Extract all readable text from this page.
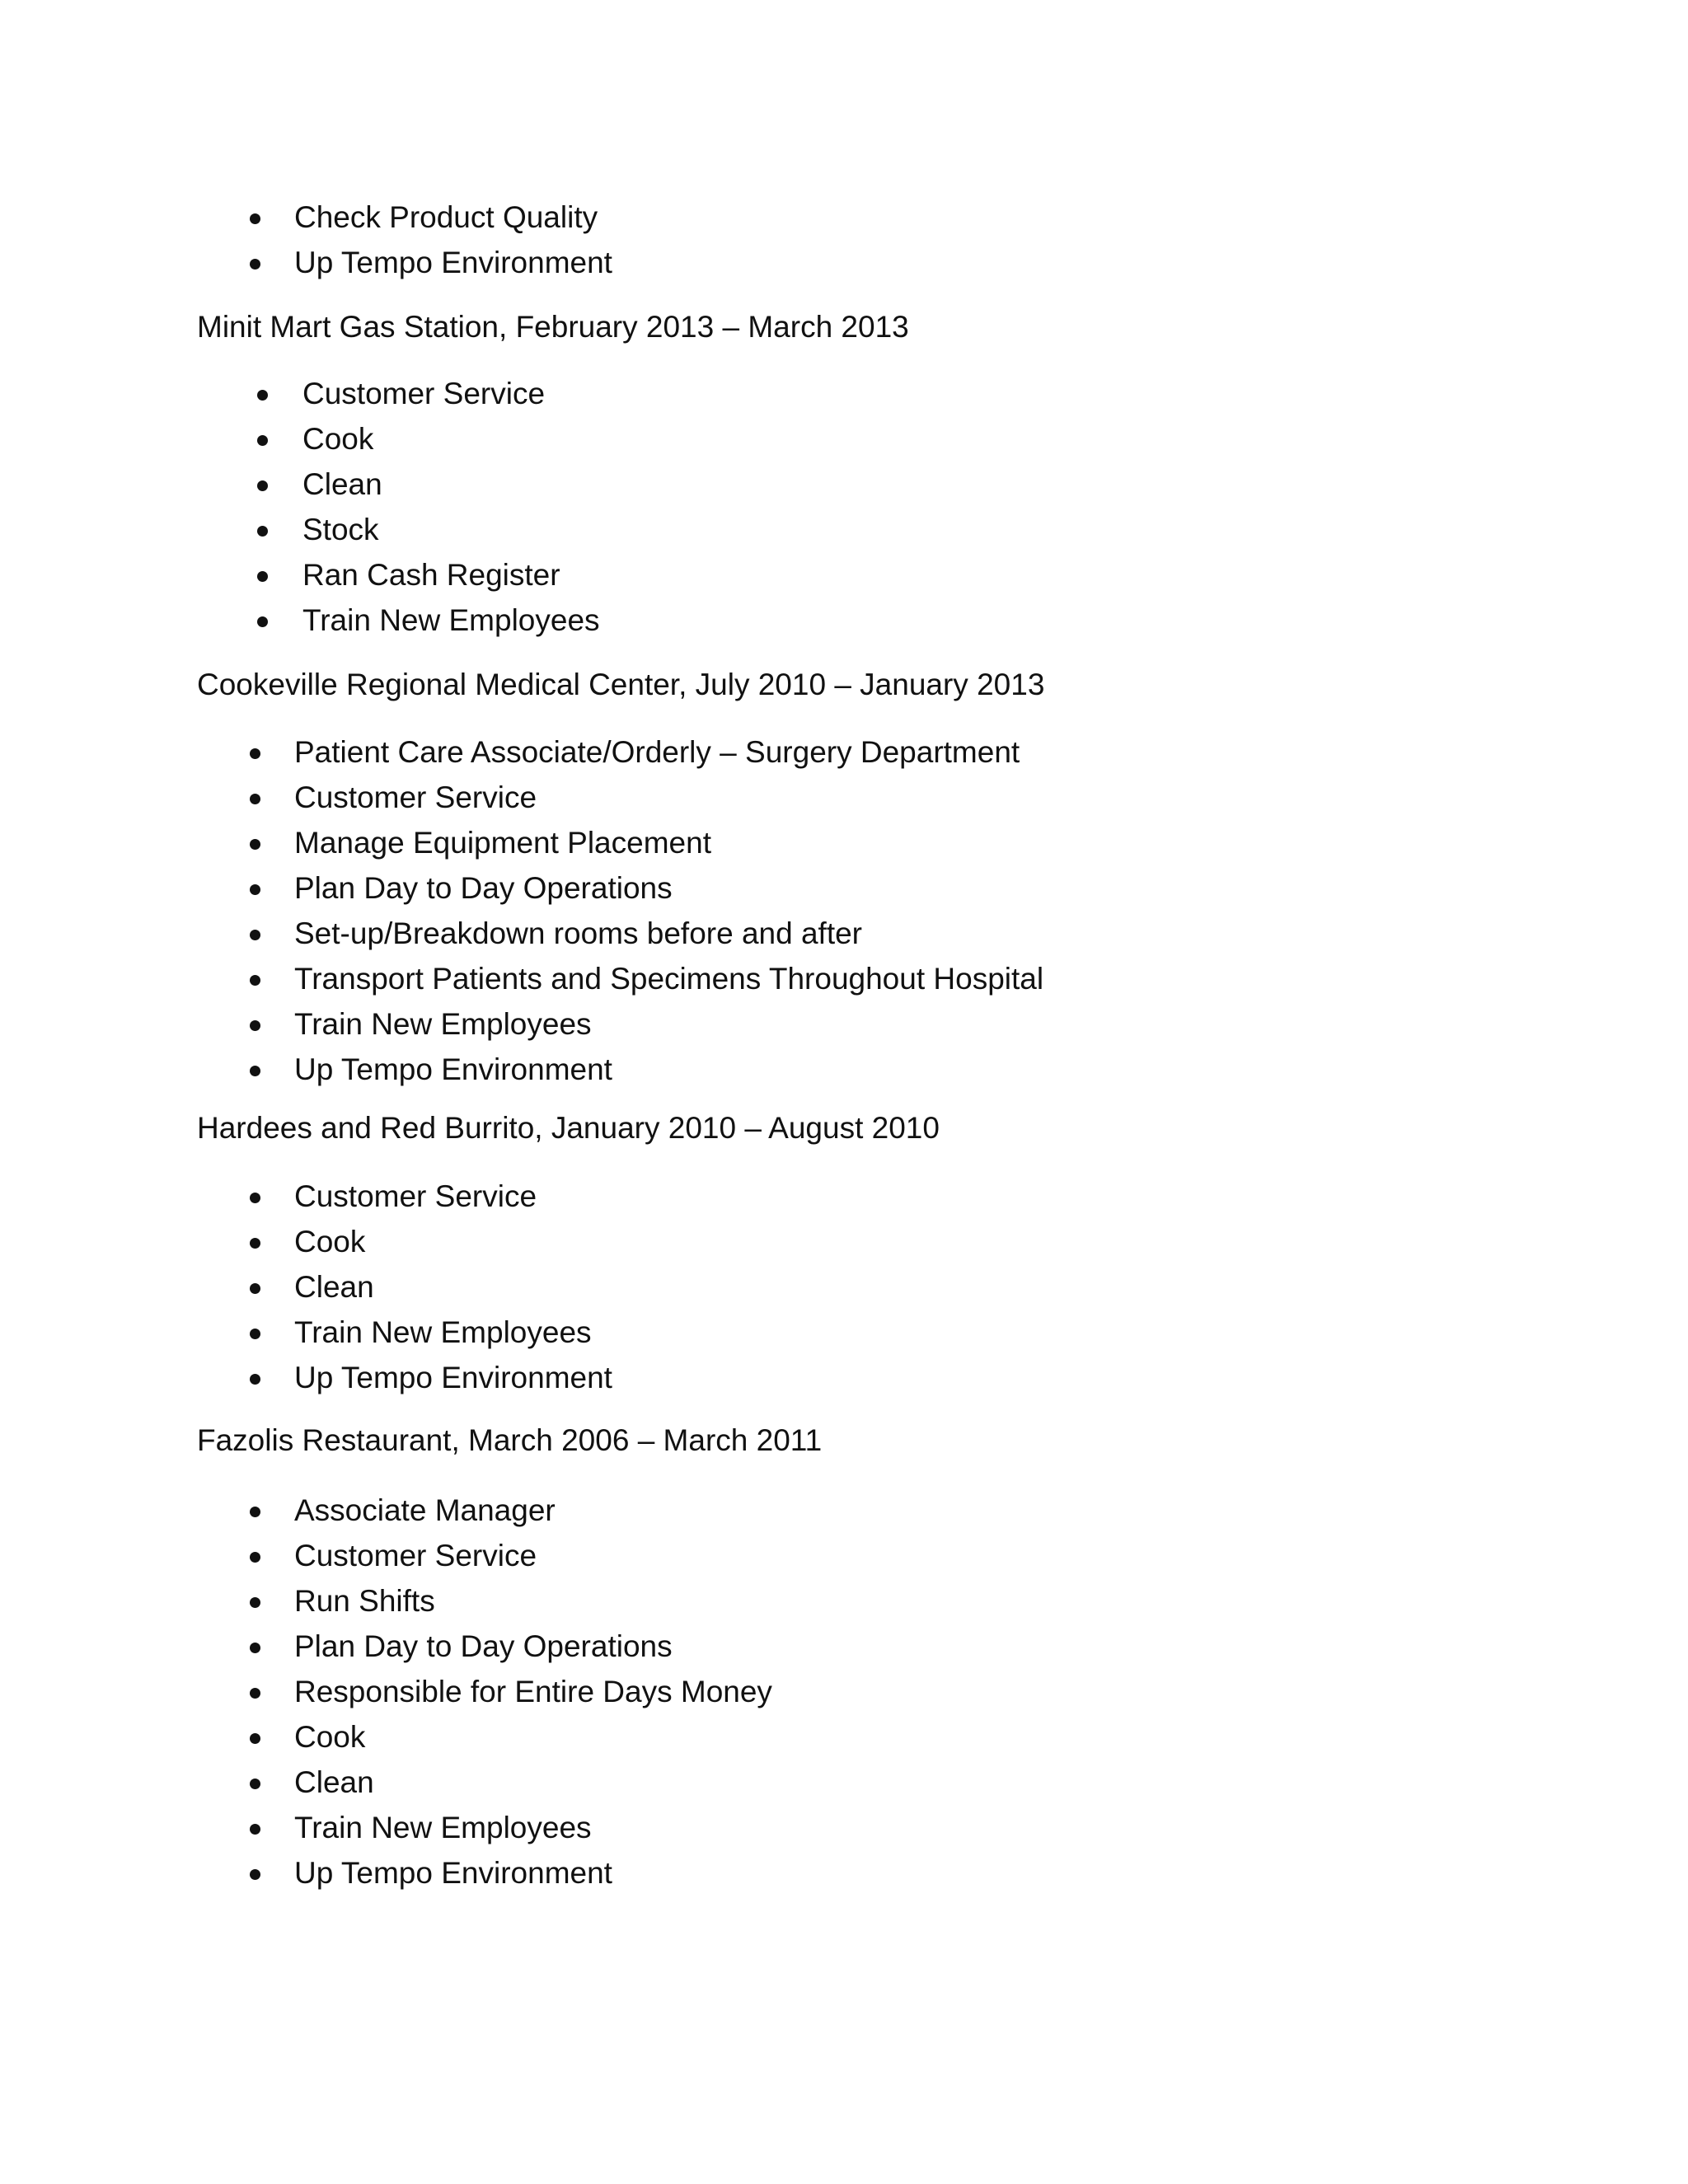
Check Product Quality
Up Tempo Environment
Minit Mart Gas Station, February 2013 – March 2013
Customer Service
Cook
Clean
Stock
Ran Cash Register
Train New Employees
Cookeville Regional Medical Center, July 2010 – January 2013
Patient Care Associate/Orderly – Surgery Department
Customer Service
Manage Equipment Placement
Plan Day to Day Operations
Set-up/Breakdown rooms before and after
Transport Patients and Specimens Throughout Hospital
Train New Employees
Up Tempo Environment
Hardees and Red Burrito, January 2010 – August 2010
Customer Service
Cook
Clean
Train New Employees
Up Tempo Environment
Fazolis Restaurant, March 2006 – March 2011
Associate Manager
Customer Service
Run Shifts
Plan Day to Day Operations
Responsible for Entire Days Money
Cook
Clean
Train New Employees
Up Tempo Environment
